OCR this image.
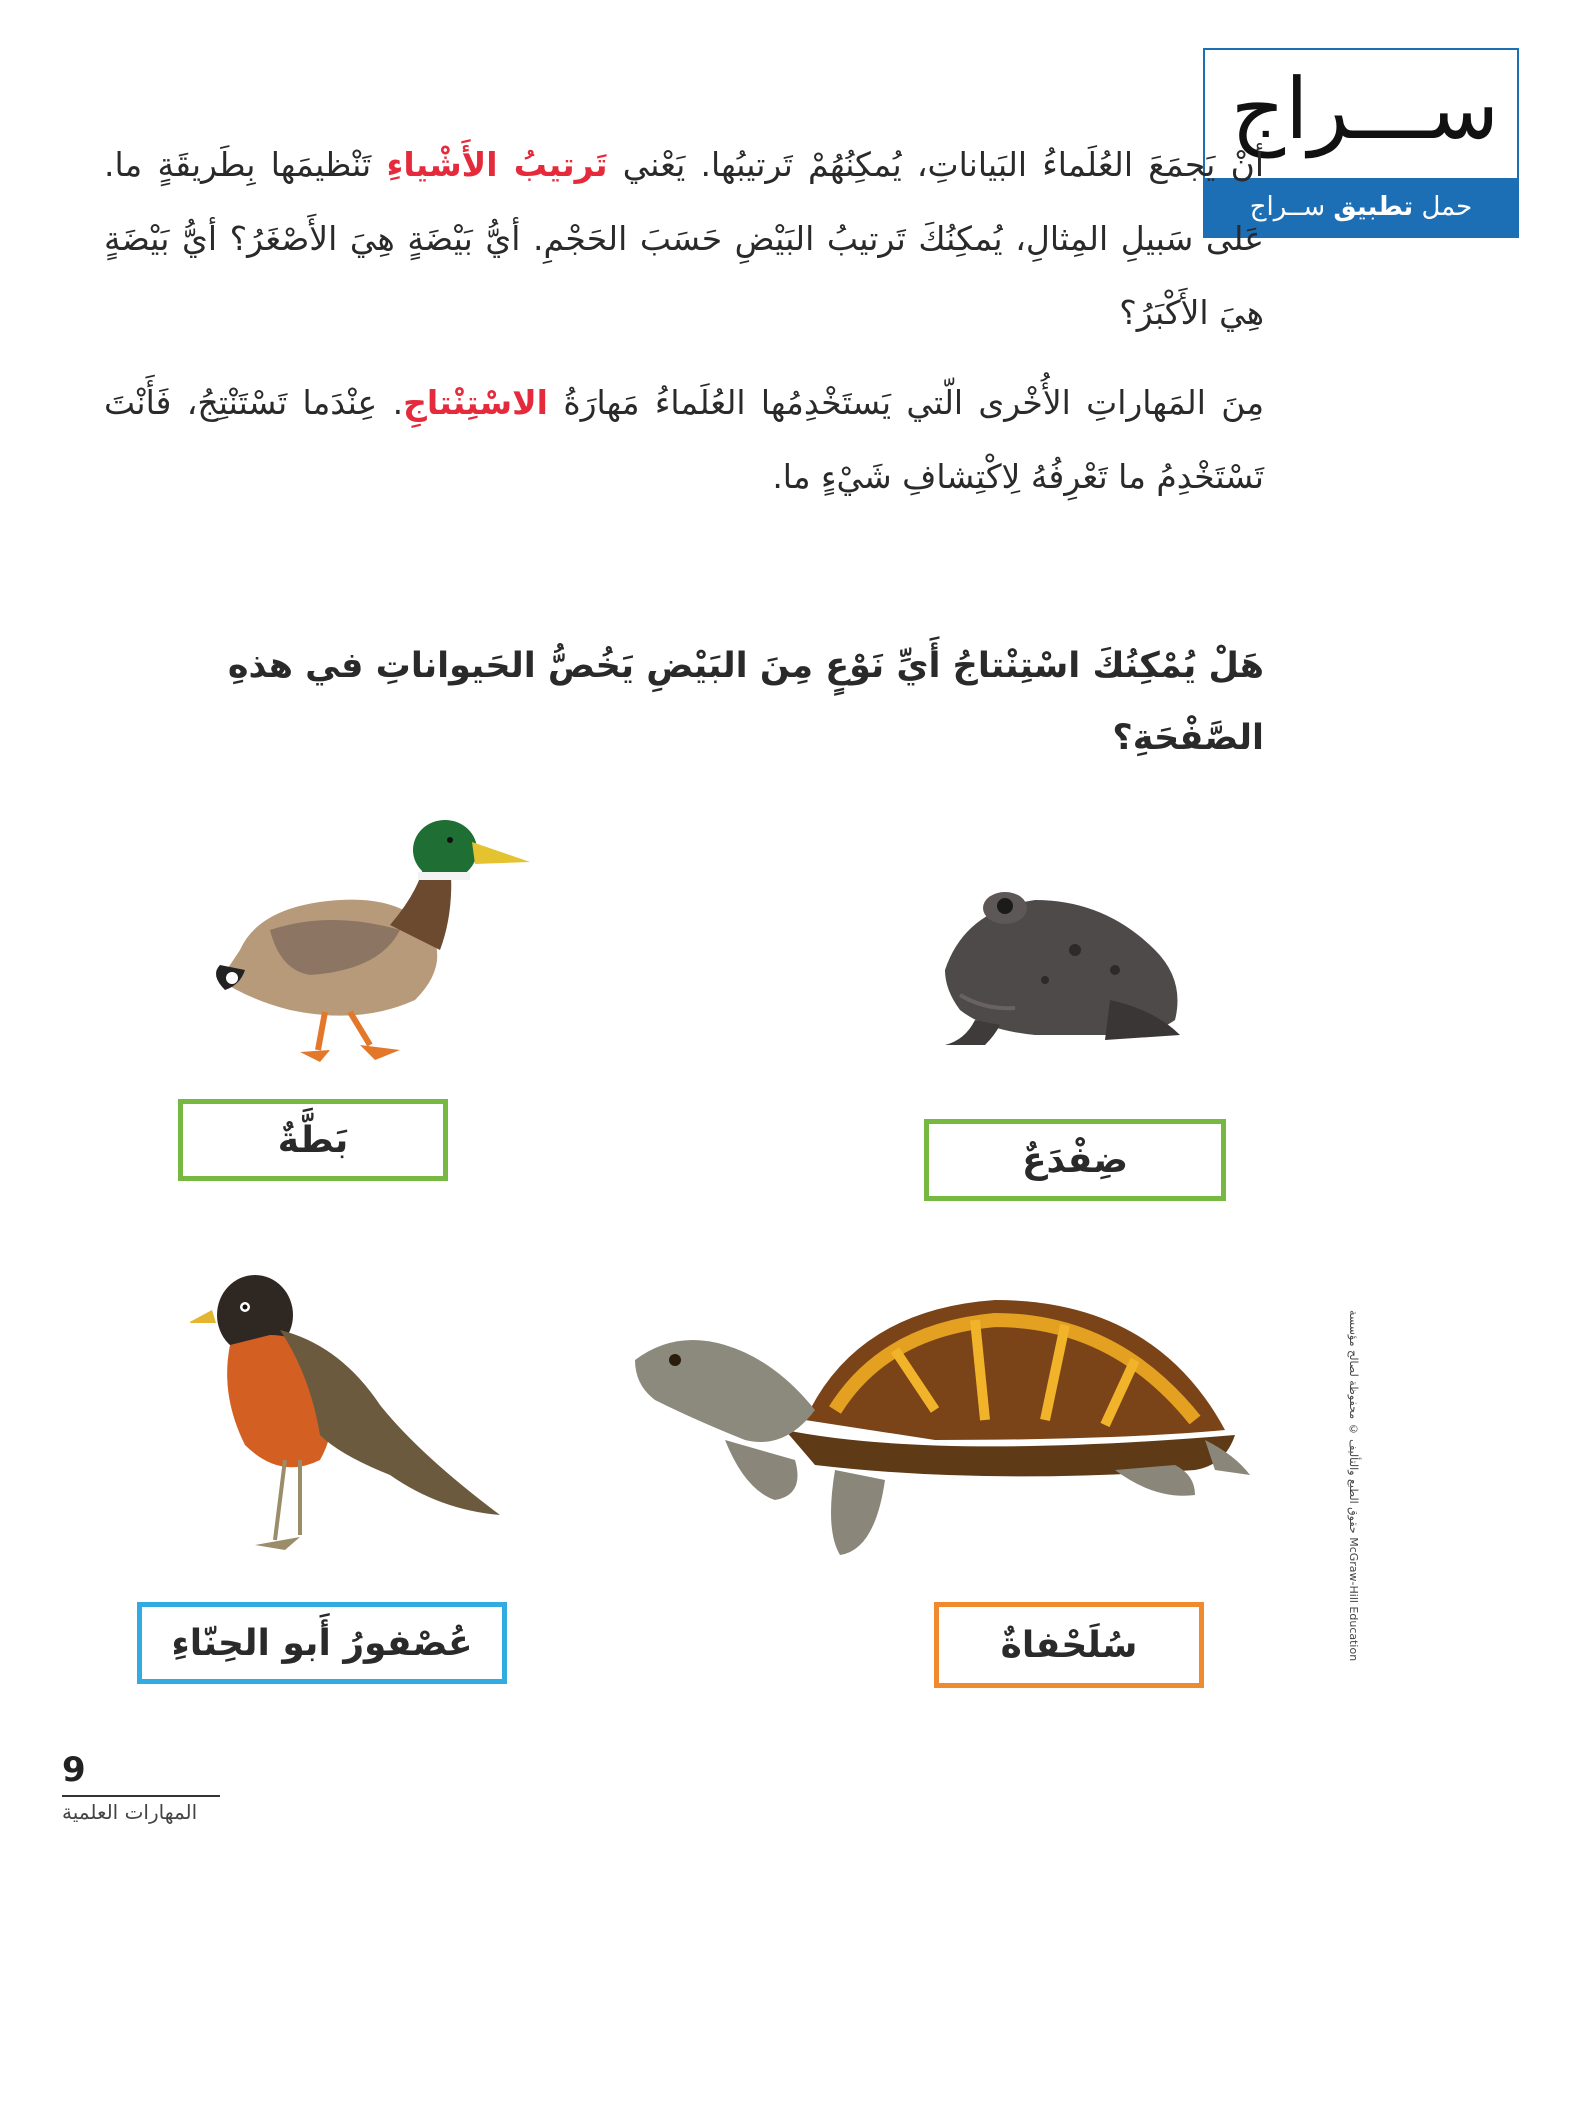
ســـراج
حمل تطبيق ســراج

أنْ يَجمَعَ العُلَماءُ البَياناتِ، يُمكِنُهُمْ تَرتيبُها. يَعْني تَرتيبُ الأَشْياءِ تَنْظيمَها بِطَريقَةٍ ما. عَلى سَبيلِ المِثالِ، يُمكِنُكَ تَرتيبُ البَيْضِ حَسَبَ الحَجْمِ. أيُّ بَيْضَةٍ هِيَ الأَصْغَرُ؟ أيُّ بَيْضَةٍ هِيَ الأَكْبَرُ؟

مِنَ المَهاراتِ الأُخْرى الّتي يَستَخْدِمُها العُلَماءُ مَهارَةُ الاسْتِنْتاجِ. عِنْدَما تَسْتَنْتِجُ، فَأَنْتَ تَسْتَخْدِمُ ما تَعْرِفُهُ لِاكْتِشافِ شَيْءٍ ما.

هَلْ يُمْكِنُكَ اسْتِنْتاجُ أَيِّ نَوْعٍ مِنَ البَيْضِ يَخُصُّ الحَيواناتِ في هذهِ الصَّفْحَةِ؟

بَطَّةٌ	ضِفْدَعٌ
عُصْفورُ أَبو الحِنّاءِ	سُلَحْفاةٌ
حقوق الطبع والتأليف © محفوظة لصالح مؤسسة McGraw-Hill Education
9
المهارات العلمية
